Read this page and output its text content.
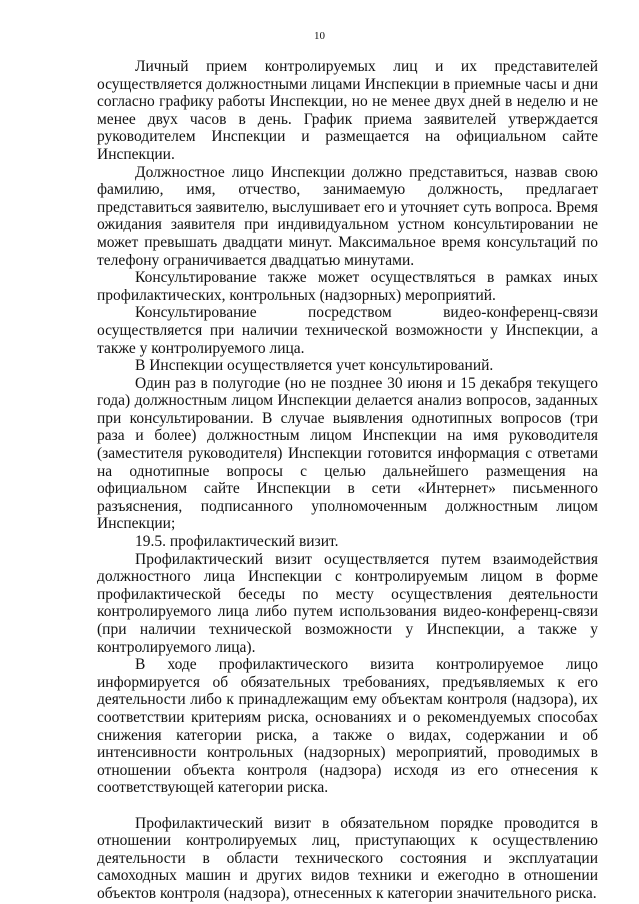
10

Личный прием контролируемых лиц и их представителей осуществляется должностными лицами Инспекции в приемные часы и дни согласно графику работы Инспекции, но не менее двух дней в неделю и не менее двух часов в день. График приема заявителей утверждается руководителем Инспекции и размещается на официальном сайте Инспекции.

Должностное лицо Инспекции должно представиться, назвав свою фамилию, имя, отчество, занимаемую должность, предлагает представиться заявителю, выслушивает его и уточняет суть вопроса. Время ожидания заявителя при индивидуальном устном консультировании не может превышать двадцати минут. Максимальное время консультаций по телефону ограничивается двадцатью минутами.

Консультирование также может осуществляться в рамках иных профилактических, контрольных (надзорных) мероприятий.

Консультирование посредством видео-конференц-связи осуществляется при наличии технической возможности у Инспекции, а также у контролируемого лица.

В Инспекции осуществляется учет консультирований.

Один раз в полугодие (но не позднее 30 июня и 15 декабря текущего года) должностным лицом Инспекции делается анализ вопросов, заданных при консультировании. В случае выявления однотипных вопросов (три раза и более) должностным лицом Инспекции на имя руководителя (заместителя руководителя) Инспекции готовится информация с ответами на однотипные вопросы с целью дальнейшего размещения на официальном сайте Инспекции в сети «Интернет» письменного разъяснения, подписанного уполномоченным должностным лицом Инспекции;

19.5. профилактический визит.

Профилактический визит осуществляется путем взаимодействия должностного лица Инспекции с контролируемым лицом в форме профилактической беседы по месту осуществления деятельности контролируемого лица либо путем использования видео-конференц-связи (при наличии технической возможности у Инспекции, а также у контролируемого лица).

В ходе профилактического визита контролируемое лицо информируется об обязательных требованиях, предъявляемых к его деятельности либо к принадлежащим ему объектам контроля (надзора), их соответствии критериям риска, основаниях и о рекомендуемых способах снижения категории риска, а также о видах, содержании и об интенсивности контрольных (надзорных) мероприятий, проводимых в отношении объекта контроля (надзора) исходя из его отнесения к соответствующей категории риска.

Профилактический визит в обязательном порядке проводится в отношении контролируемых лиц, приступающих к осуществлению деятельности в области технического состояния и эксплуатации самоходных машин и других видов техники и ежегодно в отношении объектов контроля (надзора), отнесенных к категории значительного риска.
